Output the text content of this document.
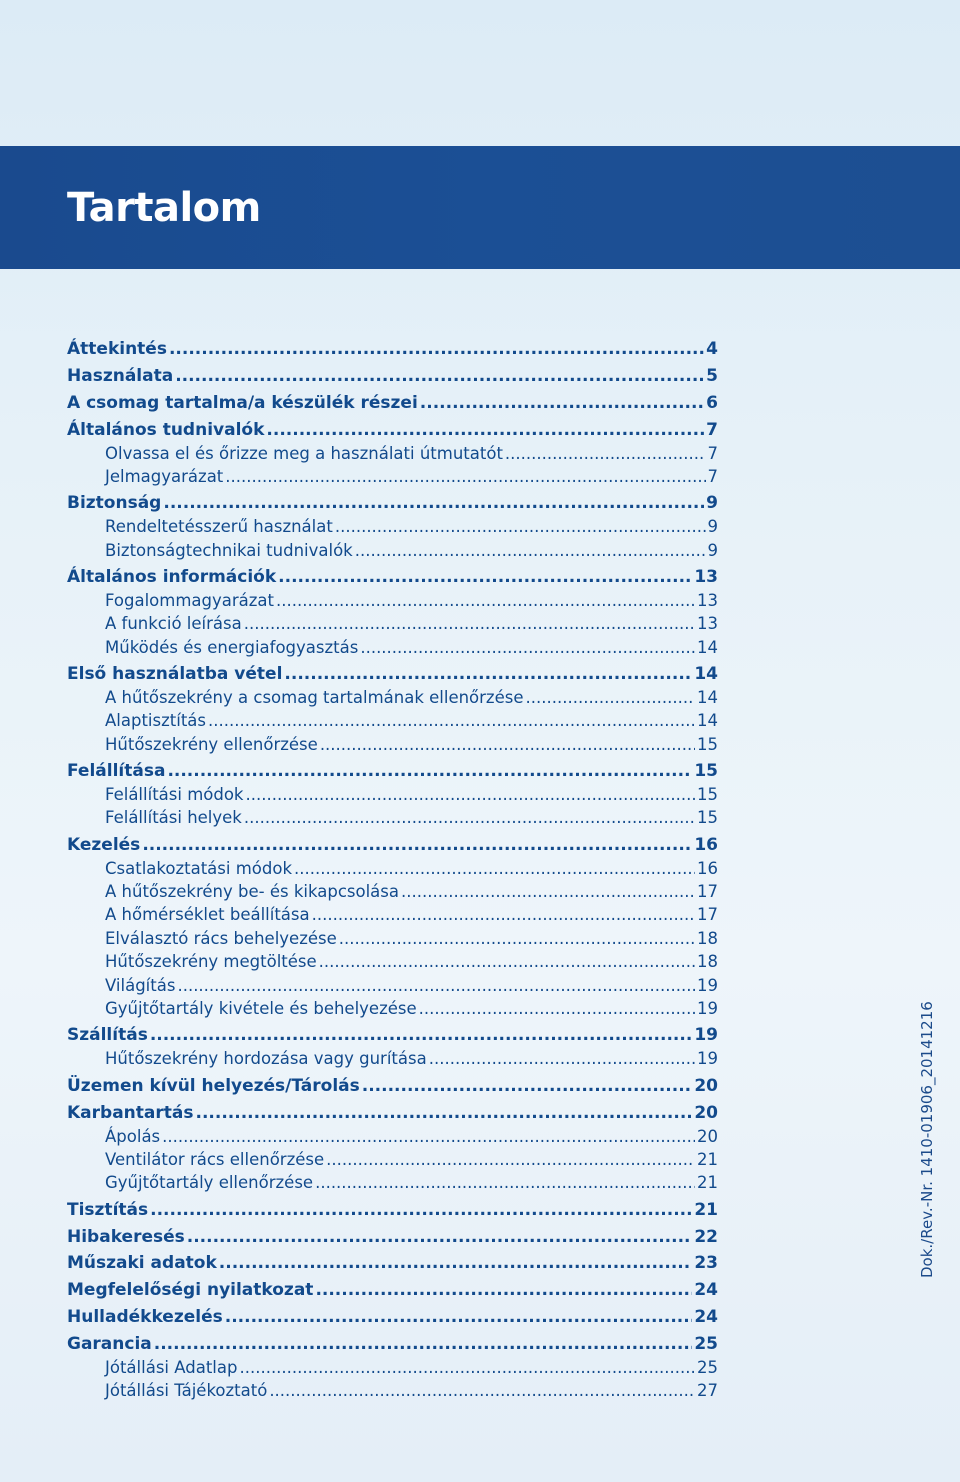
Tartalom
Áttekintés .....	4
Használata .....	5
A csomag tartalma/a készülék részei .....	6
Általános tudnivalók .....	7
Olvassa el és őrizze meg a használati útmutatót .....	7
Jelmagyarázat .....	7
Biztonság .....	9
Rendeltetésszerű használat .....	9
Biztonságtechnikai tudnivalók .....	9
Általános információk .....	13
Fogalommagyarázat .....	13
A funkció leírása .....	13
Működés és energiafogyasztás .....	14
Első használatba vétel .....	14
A hűtőszekrény a csomag tartalmának ellenőrzése .....	14
Alaptisztítás .....	14
Hűtőszekrény ellenőrzése .....	15
Felállítása .....	15
Felállítási módok .....	15
Felállítási helyek .....	15
Kezelés .....	16
Csatlakoztatási módok .....	16
A hűtőszekrény be- és kikapcsolása .....	17
A hőmérséklet beállítása .....	17
Elválasztó rács behelyezése .....	18
Hűtőszekrény megtöltése .....	18
Világítás .....	19
Gyűjtőtartály kivétele és behelyezése .....	19
Szállítás .....	19
Hűtőszekrény hordozása vagy gurítása .....	19
Üzemen kívül helyezés/Tárolás .....	20
Karbantartás .....	20
Ápolás .....	20
Ventilátor rács ellenőrzése .....	21
Gyűjtőtartály ellenőrzése .....	21
Tisztítás .....	21
Hibakeresés .....	22
Műszaki adatok .....	23
Megfelelőségi nyilatkozat .....	24
Hulladékkezelés .....	24
Garancia .....	25
Jótállási Adatlap .....	25
Jótállási Tájékoztató .....	27
Dok./Rev.-Nr. 1410-01906_20141216
